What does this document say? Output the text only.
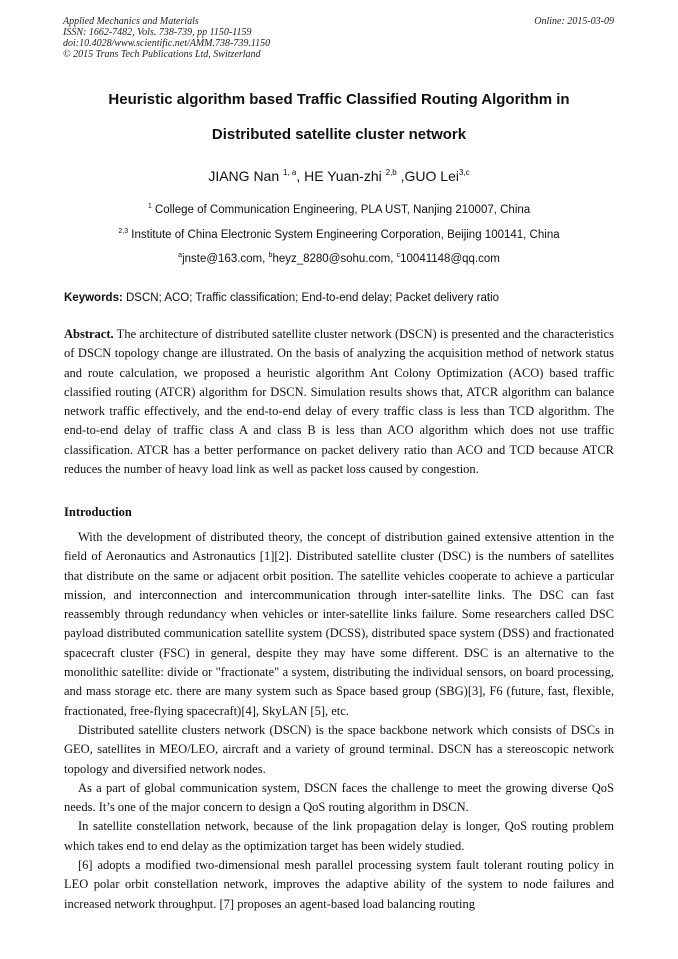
Applied Mechanics and Materials
ISSN: 1662-7482, Vols. 738-739, pp 1150-1159
doi:10.4028/www.scientific.net/AMM.738-739.1150
© 2015 Trans Tech Publications Ltd, Switzerland
Online: 2015-03-09
Heuristic algorithm based Traffic Classified Routing Algorithm in
Distributed satellite cluster network
JIANG Nan $^{1, a}$, HE Yuan-zhi $^{2,b}$ ,GUO Lei$^{3,c}$
$^1$ College of Communication Engineering, PLA UST, Nanjing 210007, China
$^{2,3}$ Institute of China Electronic System Engineering Corporation, Beijing 100141, China
$^a$jnste@163.com, $^b$heyz_8280@sohu.com, $^c$10041148@qq.com
Keywords: DSCN; ACO; Traffic classification; End-to-end delay; Packet delivery ratio
Abstract. The architecture of distributed satellite cluster network (DSCN) is presented and the characteristics of DSCN topology change are illustrated. On the basis of analyzing the acquisition method of network status and route calculation, we proposed a heuristic algorithm Ant Colony Optimization (ACO) based traffic classified routing (ATCR) algorithm for DSCN. Simulation results shows that, ATCR algorithm can balance network traffic effectively, and the end-to-end delay of every traffic class is less than TCD algorithm. The end-to-end delay of traffic class A and class B is less than ACO algorithm which does not use traffic classification. ATCR has a better performance on packet delivery ratio than ACO and TCD because ATCR reduces the number of heavy load link as well as packet loss caused by congestion.
Introduction

With the development of distributed theory, the concept of distribution gained extensive attention in the field of Aeronautics and Astronautics [1][2]. Distributed satellite cluster (DSC) is the numbers of satellites that distribute on the same or adjacent orbit position. The satellite vehicles cooperate to achieve a particular mission, and interconnection and intercommunication through inter-satellite links. The DSC can fast reassembly through redundancy when vehicles or inter-satellite links failure. Some researchers called DSC payload distributed communication satellite system (DCSS), distributed space system (DSS) and fractionated spacecraft cluster (FSC) in general, despite they may have some different. DSC is an alternative to the monolithic satellite: divide or "fractionate" a system, distributing the individual sensors, on board processing, and mass storage etc. there are many system such as Space based group (SBG)[3], F6 (future, fast, flexible, fractionated, free-flying spacecraft)[4], SkyLAN [5], etc.

Distributed satellite clusters network (DSCN) is the space backbone network which consists of DSCs in GEO, satellites in MEO/LEO, aircraft and a variety of ground terminal. DSCN has a stereoscopic network topology and diversified network nodes.

As a part of global communication system, DSCN faces the challenge to meet the growing diverse QoS needs. It’s one of the major concern to design a QoS routing algorithm in DSCN.

In satellite constellation network, because of the link propagation delay is longer, QoS routing problem which takes end to end delay as the optimization target has been widely studied.

[6] adopts a modified two-dimensional mesh parallel processing system fault tolerant routing policy in LEO polar orbit constellation network, improves the adaptive ability of the system to node failures and increased network throughput. [7] proposes an agent-based load balancing routing
